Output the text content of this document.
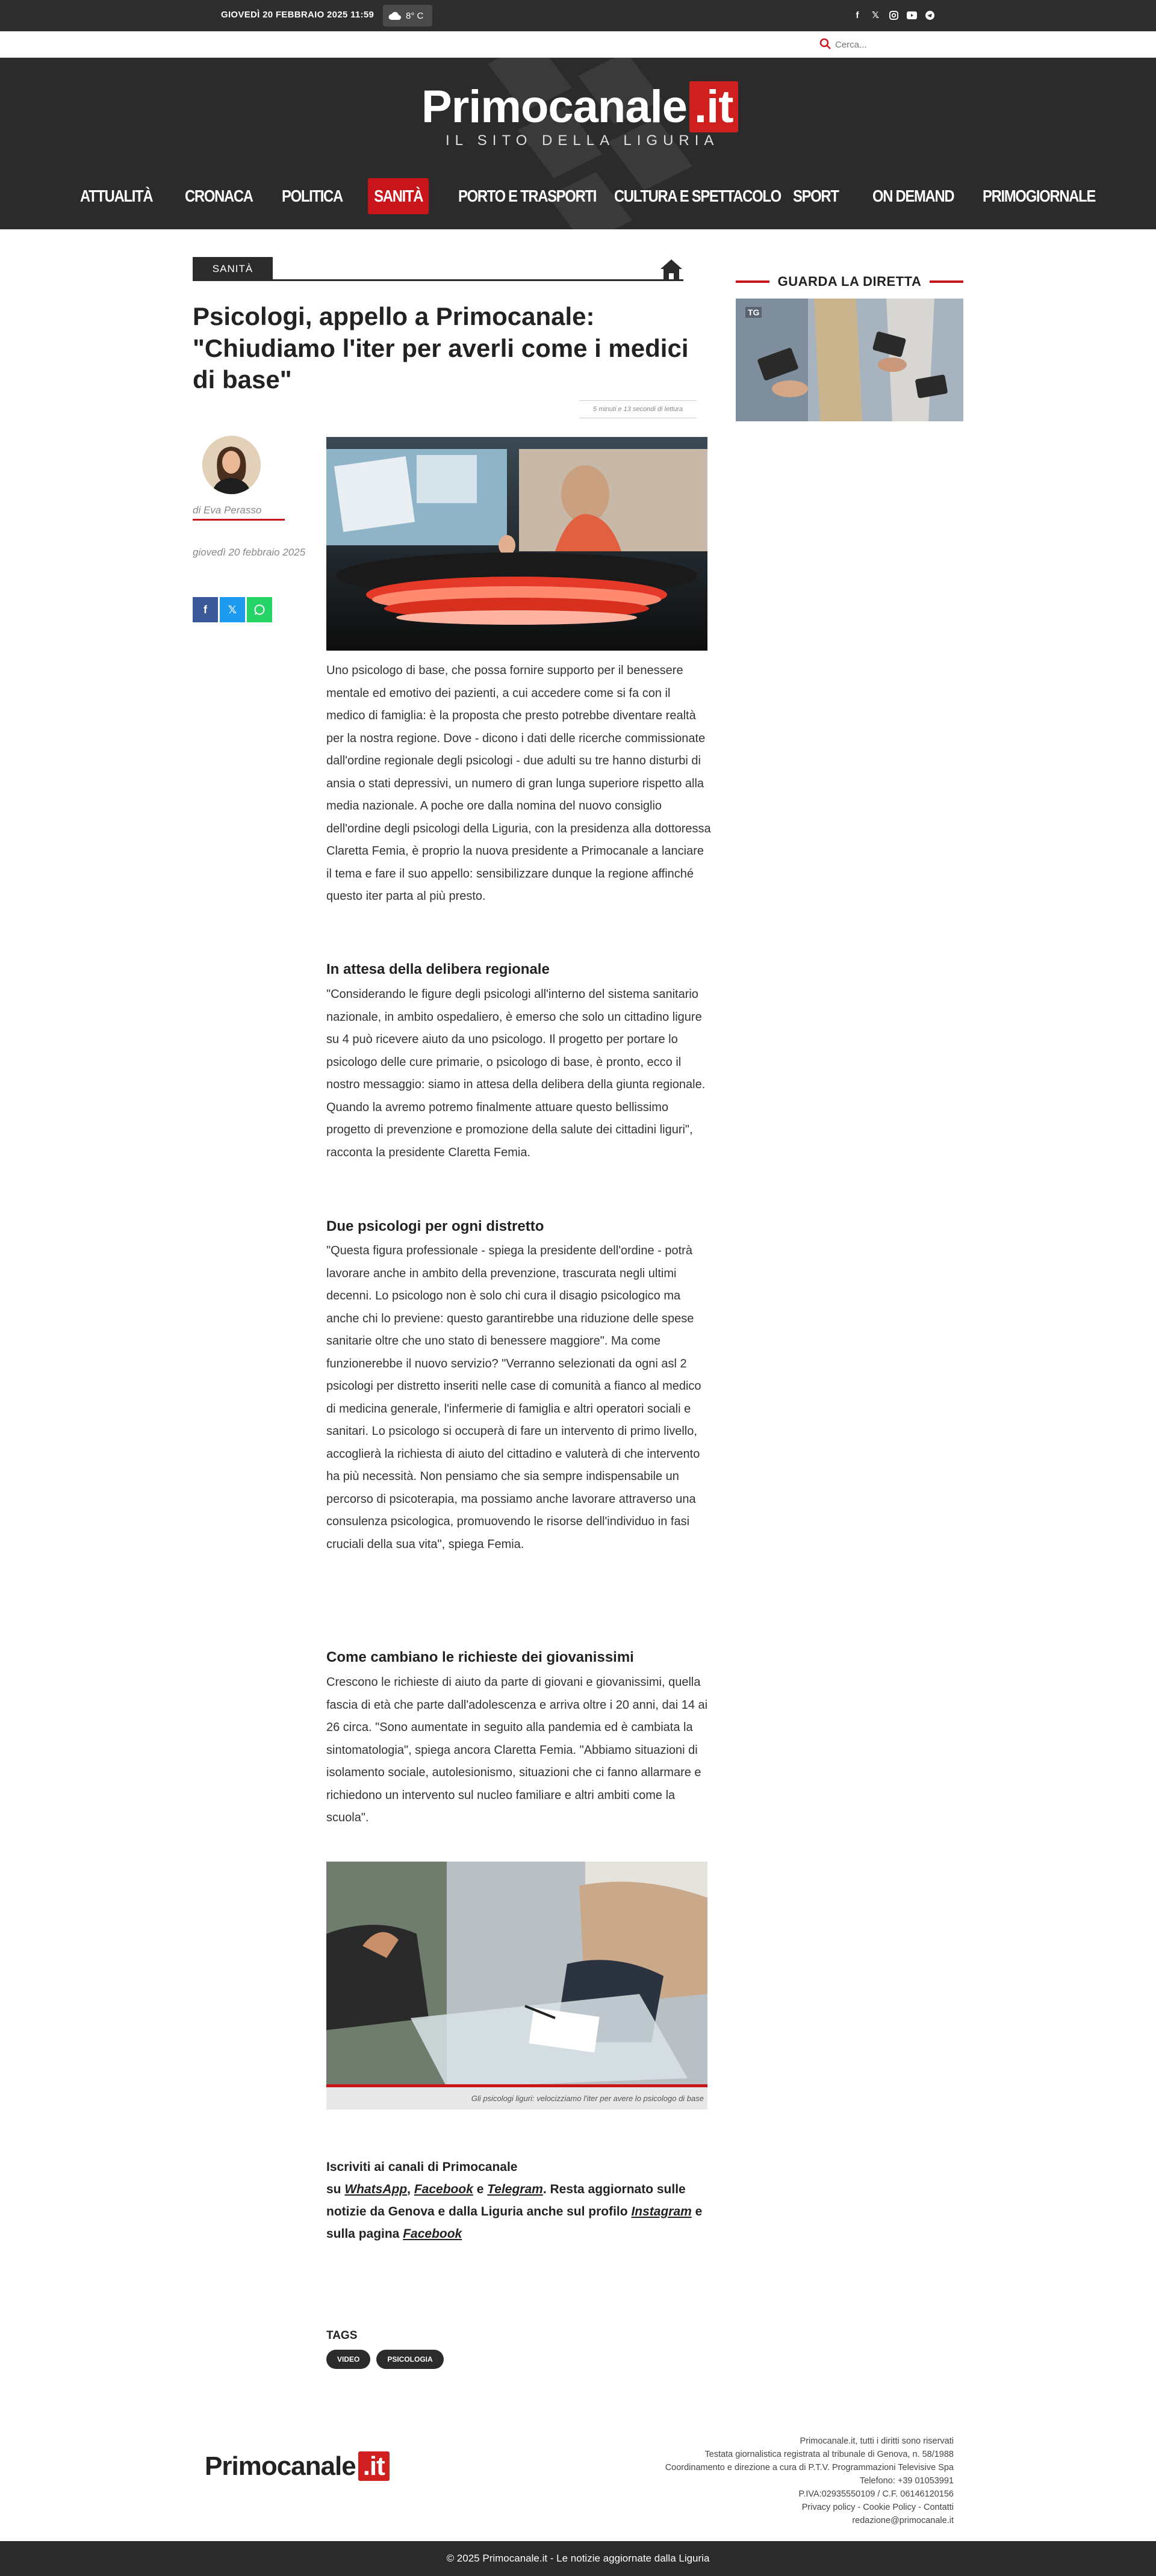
GIOVEDÌ 20 FEBBRAIO 2025 11:59	8° C	f	𝕏
Cerca...
Primocanale .it
IL SITO DELLA LIGURIA
ATTUALITÀ CRONACA POLITICA	SANITÀ	PORTO E TRASPORTI CULTURA E SPETTACOLO SPORT ON DEMAND PRIMOGIORNALE
SANITÀ
Psicologi, appello a Primocanale: "Chiudiamo l'iter per averli come i medici di base"
5 minuti e 13 secondi di lettura
di Eva Perasso
giovedì 20 febbraio 2025
f	𝕏

Uno psicologo di base, che possa fornire supporto per il benessere mentale ed emotivo dei pazienti, a cui accedere come si fa con il medico di famiglia: è la proposta che presto potrebbe diventare realtà per la nostra regione. Dove - dicono i dati delle ricerche commissionate dall'ordine regionale degli psicologi - due adulti su tre hanno disturbi di ansia o stati depressivi, un numero di gran lunga superiore rispetto alla media nazionale. A poche ore dalla nomina del nuovo consiglio dell'ordine degli psicologi della Liguria, con la presidenza alla dottoressa Claretta Femia, è proprio la nuova presidente a Primocanale a lanciare il tema e fare il suo appello: sensibilizzare dunque la regione affinché questo iter parta al più presto.

In attesa della delibera regionale

"Considerando le figure degli psicologi all'interno del sistema sanitario nazionale, in ambito ospedaliero, è emerso che solo un cittadino ligure su 4 può ricevere aiuto da uno psicologo. Il progetto per portare lo psicologo delle cure primarie, o psicologo di base, è pronto, ecco il nostro messaggio: siamo in attesa della delibera della giunta regionale. Quando la avremo potremo finalmente attuare questo bellissimo progetto di prevenzione e promozione della salute dei cittadini liguri", racconta la presidente Claretta Femia.

Due psicologi per ogni distretto

"Questa figura professionale - spiega la presidente dell'ordine - potrà lavorare anche in ambito della prevenzione, trascurata negli ultimi decenni. Lo psicologo non è solo chi cura il disagio psicologico ma anche chi lo previene: questo garantirebbe una riduzione delle spese sanitarie oltre che uno stato di benessere maggiore". Ma come funzionerebbe il nuovo servizio? "Verranno selezionati da ogni asl 2 psicologi per distretto inseriti nelle case di comunità a fianco al medico di medicina generale, l'infermerie di famiglia e altri operatori sociali e sanitari. Lo psicologo si occuperà di fare un intervento di primo livello, accoglierà la richiesta di aiuto del cittadino e valuterà di che intervento ha più necessità. Non pensiamo che sia sempre indispensabile un percorso di psicoterapia, ma possiamo anche lavorare attraverso una consulenza psicologica, promuovendo le risorse dell'individuo in fasi cruciali della sua vita", spiega Femia.

Come cambiano le richieste dei giovanissimi

Crescono le richieste di aiuto da parte di giovani e giovanissimi, quella fascia di età che parte dall'adolescenza e arriva oltre i 20 anni, dai 14 ai 26 circa. "Sono aumentate in seguito alla pandemia ed è cambiata la sintomatologia", spiega ancora Claretta Femia. "Abbiamo situazioni di isolamento sociale, autolesionismo, situazioni che ci fanno allarmare e richiedono un intervento sul nucleo familiare e altri ambiti come la scuola".

Gli psicologi liguri: velocizziamo l'iter per avere lo psicologo di base
Iscriviti ai canali di Primocanale
su WhatsApp, Facebook e Telegram. Resta aggiornato sulle notizie da Genova e dalla Liguria anche sul profilo Instagram e sulla pagina Facebook
TAGS
VIDEO	PSICOLOGIA
GUARDA LA DIRETTA
TG
Primocanale .it
Primocanale.it, tutti i diritti sono riservati
Testata giornalistica registrata al tribunale di Genova, n. 58/1988
Coordinamento e direzione a cura di P.T.V. Programmazioni Televisive Spa
Telefono: +39 01053991
P.IVA:02935550109 / C.F. 06146120156
Privacy policy - Cookie Policy - Contatti
redazione@primocanale.it
© 2025 Primocanale.it - Le notizie aggiornate dalla Liguria
